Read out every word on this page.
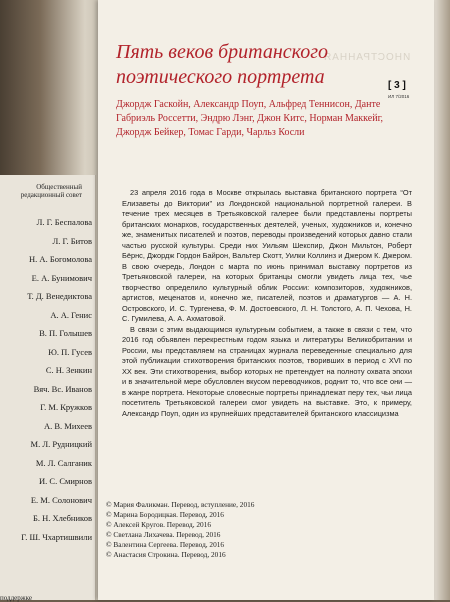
Общественный редакционный совет
Л. Г. Беспалова
Л. Г. Битов
Н. А. Богомолова
Е. А. Бунимович
Т. Д. Венедиктова
А. А. Генис
В. П. Голышев
Ю. П. Гусев
С. Н. Зенкин
Вяч. Вс. Иванов
Г. М. Кружков
А. В. Михеев
М. Л. Рудницкий
М. Л. Салганик
И. С. Смирнов
Е. М. Солонович
Б. Н. Хлебников
Г. Ш. Чхартишвили
поддержке
ИНОСТРАННАЯ
Пять веков британского поэтического портрета	[ 3 ]
ИЛ 7/2016

Джордж Гаскойн, Александр Поуп, Альфред Теннисон, Данте Габриэль Россетти, Эндрю Лэнг, Джон Китс, Норман Маккейг, Джордж Бейкер, Томас Гарди, Чарльз Косли

23 апреля 2016 года в Москве открылась выставка британского портрета “От Елизаветы до Виктории” из Лондонской национальной портретной галереи. В течение трех месяцев в Третьяковской галерее были представлены портреты британских монархов, государственных деятелей, ученых, художников и, конечно же, знаменитых писателей и поэтов, переводы произведений которых давно стали частью русской культуры. Среди них Уильям Шекспир, Джон Мильтон, Роберт Бёрнс, Джордж Гордон Байрон, Вальтер Скотт, Уилки Коллинз и Джером К. Джером. В свою очередь, Лондон с марта по июнь принимал выставку портретов из Третьяковской галереи, на которых британцы смогли увидеть лица тех, чье творчество определило культурный облик России: композиторов, художников, артистов, меценатов и, конечно же, писателей, поэтов и драматургов — А. Н. Островского, И. С. Тургенева, Ф. М. Достоевского, Л. Н. Толстого, А. П. Чехова, Н. С. Гумилева, А. А. Ахматовой.

В связи с этим выдающимся культурным событием, а также в связи с тем, что 2016 год объявлен перекрестным годом языка и литературы Великобритании и России, мы представляем на страницах журнала переведенные специально для этой публикации стихотворения британских поэтов, творивших в период с XVI по XX век. Эти стихотворения, выбор которых не претендует на полноту охвата эпохи и в значительной мере обусловлен вкусом переводчиков, роднит то, что все они — в жанре портрета. Некоторые словесные портреты принадлежат перу тех, чьи лица посетитель Третьяковской галереи смог увидеть на выставке. Это, к примеру, Александр Поуп, один из крупнейших представителей британского классицизма

© Мария Фаликман. Перевод, вступление, 2016
© Марина Бородицкая. Перевод, 2016
© Алексей Кругов. Перевод, 2016
© Светлана Лихачева. Перевод, 2016
© Валентина Сергеева. Перевод, 2016
© Анастасия Строкина. Перевод, 2016
